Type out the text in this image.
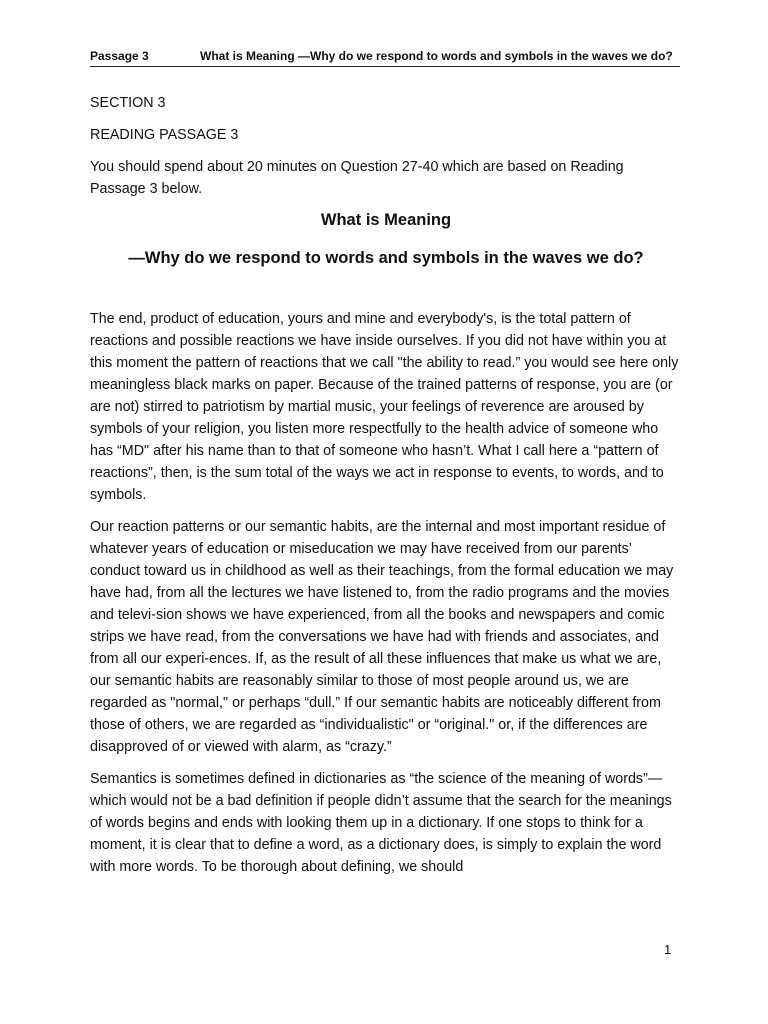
Passage 3	What is Meaning —Why do we respond to words and symbols in the waves we do?

SECTION 3

READING PASSAGE 3

You should spend about 20 minutes on Question 27-40 which are based on Reading Passage 3 below.

What is Meaning

—Why do we respond to words and symbols in the waves we do?

The end, product of education, yours and mine and everybody's, is the total pattern of reactions and possible reactions we have inside ourselves. If you did not have within you at this moment the pattern of reactions that we call "the ability to read.” you would see here only meaningless black marks on paper. Because of the trained patterns of response, you are (or are not) stirred to patriotism by martial music, your feelings of reverence are aroused by symbols of your religion, you listen more respectfully to the health advice of someone who has “MD" after his name than to that of someone who hasn’t. What I call here a “pattern of reactions”, then, is the sum total of the ways we act in response to events, to words, and to symbols.

Our reaction patterns or our semantic habits, are the internal and most important residue of whatever years of education or miseducation we may have received from our parents’ conduct toward us in childhood as well as their teachings, from the formal education we may have had, from all the lectures we have listened to, from the radio programs and the movies and televi-sion shows we have experienced, from all the books and newspapers and comic strips we have read, from the conversations we have had with friends and associates, and from all our experi-ences. If, as the result of all these influences that make us what we are, our semantic habits are reasonably similar to those of most people around us, we are regarded as "normal," or perhaps “dull.” If our semantic habits are noticeably different from those of others, we are regarded as “individualistic" or “original." or, if the differences are disapproved of or viewed with alarm, as “crazy.”

Semantics is sometimes defined in dictionaries as “the science of the meaning of words”— which would not be a bad definition if people didn’t assume that the search for the meanings of words begins and ends with looking them up in a dictionary. If one stops to think for a moment, it is clear that to define a word, as a dictionary does, is simply to explain the word with more words. To be thorough about defining, we should

1
